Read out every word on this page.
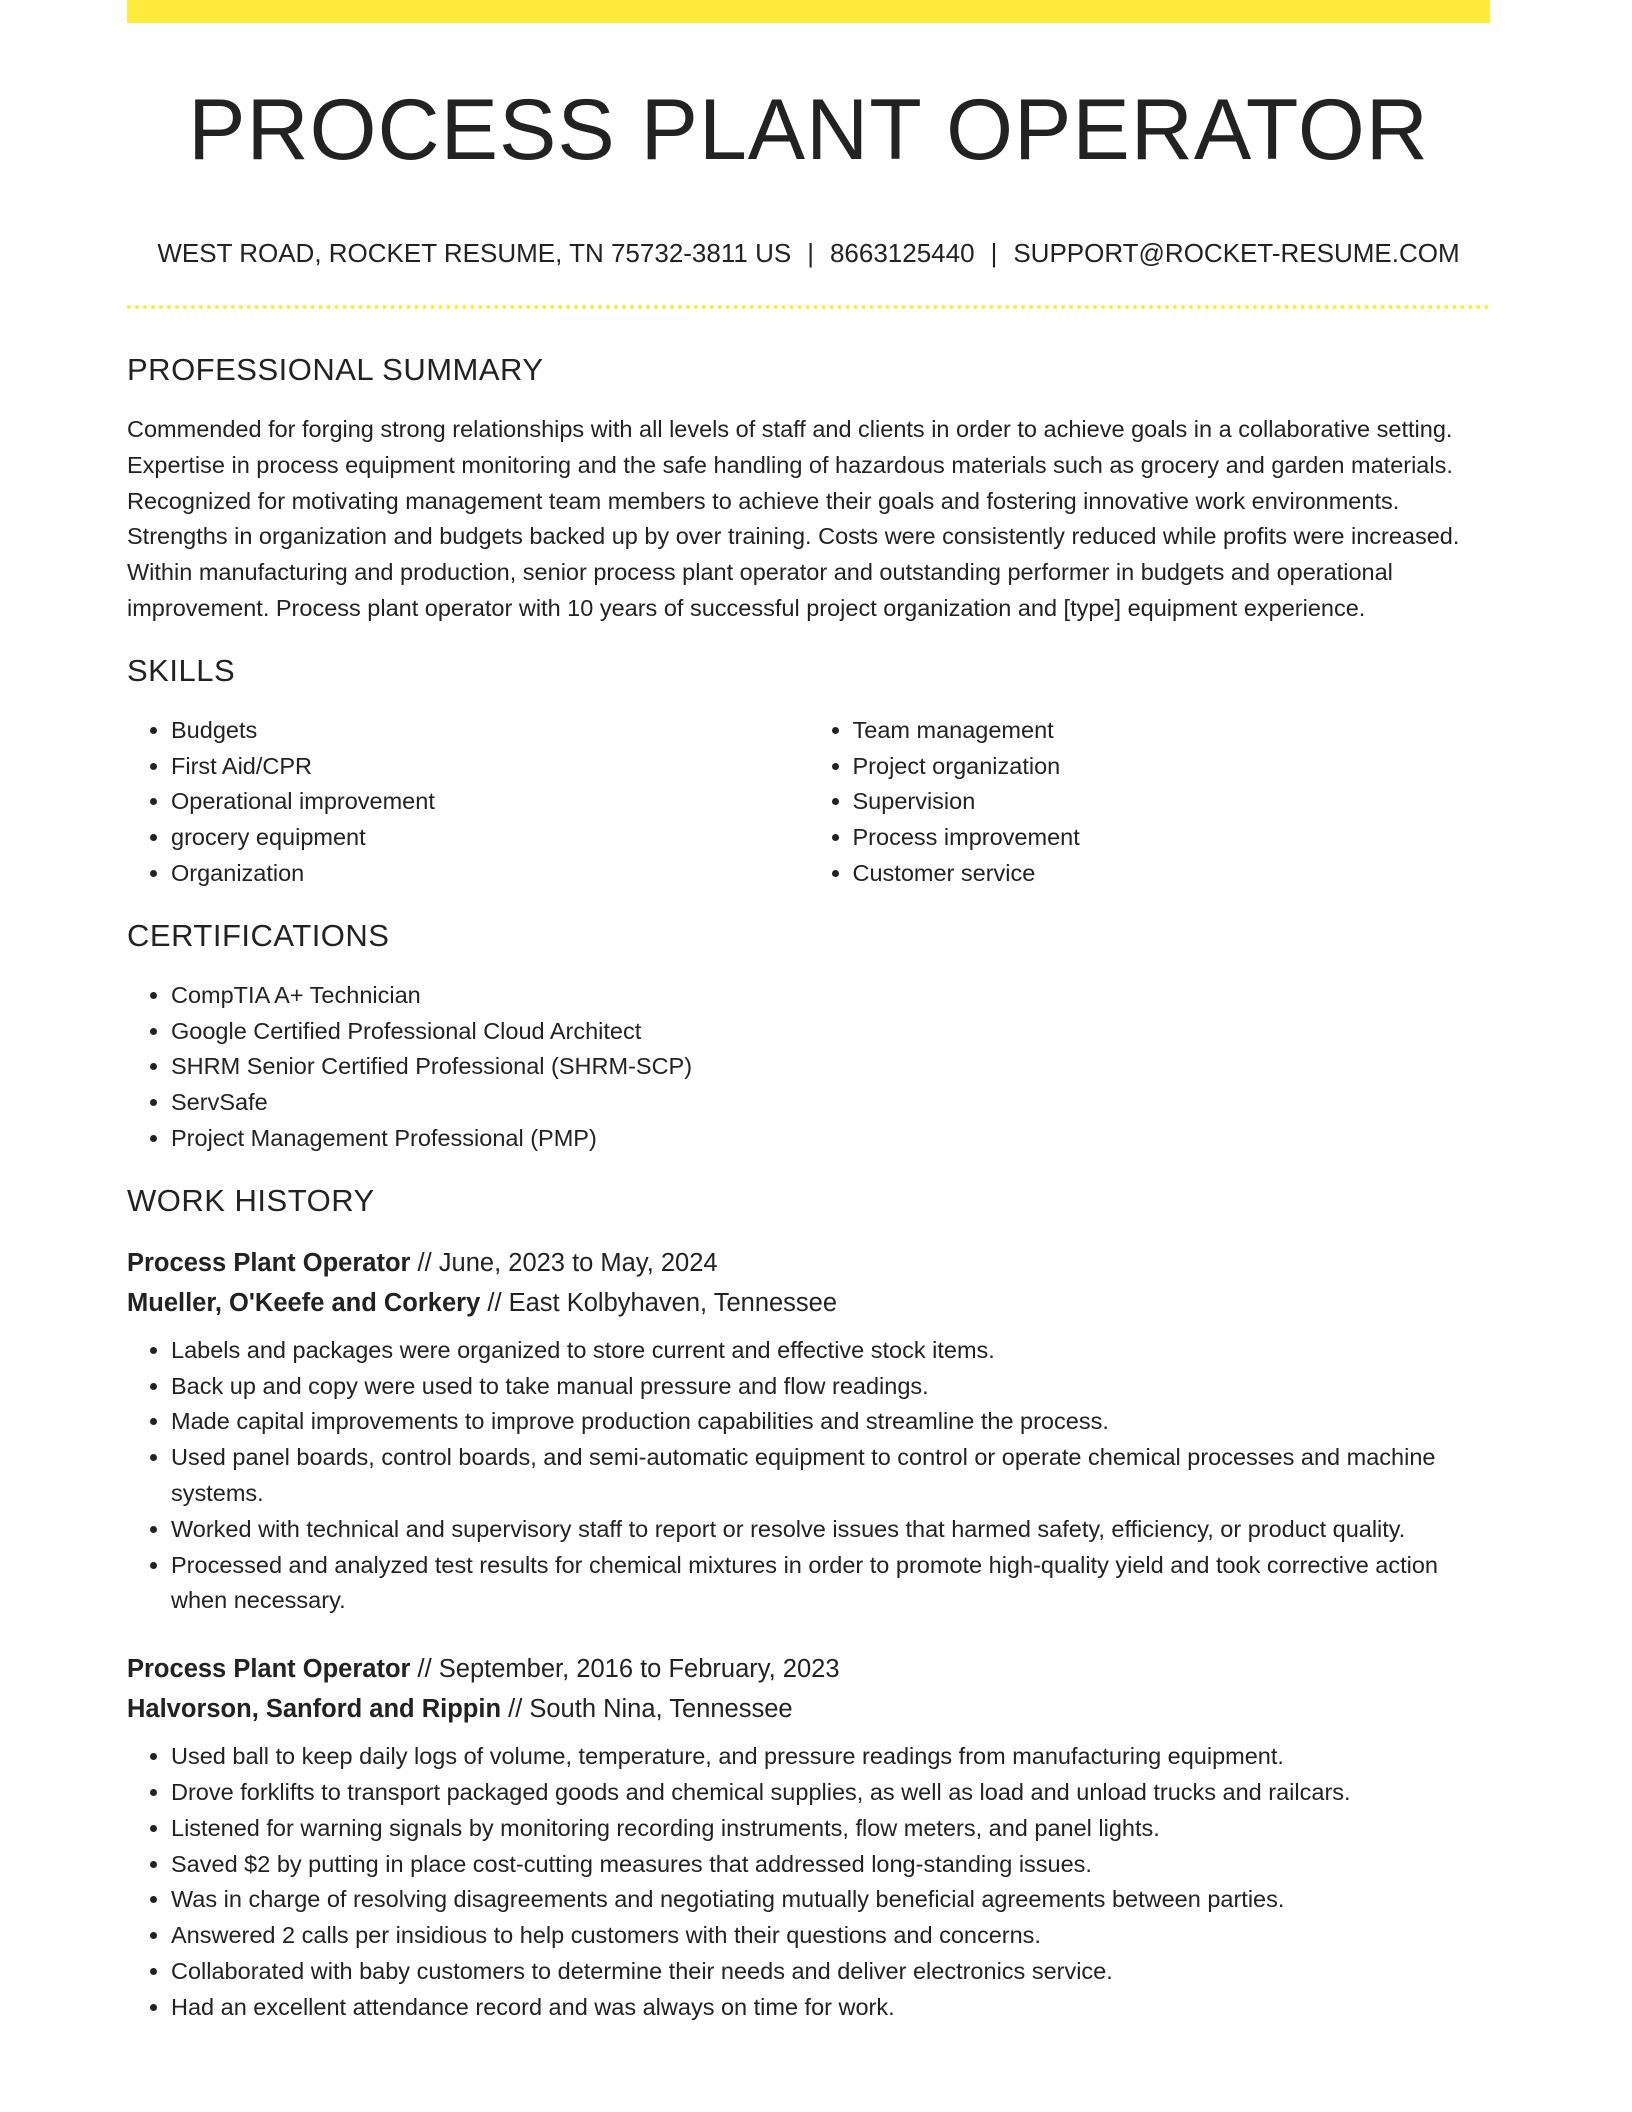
PROCESS PLANT OPERATOR
WEST ROAD, ROCKET RESUME, TN 75732-3811 US | 8663125440 | SUPPORT@ROCKET-RESUME.COM
PROFESSIONAL SUMMARY

Commended for forging strong relationships with all levels of staff and clients in order to achieve goals in a collaborative setting. Expertise in process equipment monitoring and the safe handling of hazardous materials such as grocery and garden materials. Recognized for motivating management team members to achieve their goals and fostering innovative work environments. Strengths in organization and budgets backed up by over training. Costs were consistently reduced while profits were increased. Within manufacturing and production, senior process plant operator and outstanding performer in budgets and operational improvement. Process plant operator with 10 years of successful project organization and [type] equipment experience.

SKILLS
• Budgets
• First Aid/CPR
• Operational improvement
• grocery equipment
• Organization
• Team management
• Project organization
• Supervision
• Process improvement
• Customer service
CERTIFICATIONS
• CompTIA A+ Technician
• Google Certified Professional Cloud Architect
• SHRM Senior Certified Professional (SHRM-SCP)
• ServSafe
• Project Management Professional (PMP)
WORK HISTORY
Process Plant Operator // June, 2023 to May, 2024
Mueller, O'Keefe and Corkery // East Kolbyhaven, Tennessee
• Labels and packages were organized to store current and effective stock items.
• Back up and copy were used to take manual pressure and flow readings.
• Made capital improvements to improve production capabilities and streamline the process.
• Used panel boards, control boards, and semi-automatic equipment to control or operate chemical processes and machine systems.
• Worked with technical and supervisory staff to report or resolve issues that harmed safety, efficiency, or product quality.
• Processed and analyzed test results for chemical mixtures in order to promote high-quality yield and took corrective action when necessary.
Process Plant Operator // September, 2016 to February, 2023
Halvorson, Sanford and Rippin // South Nina, Tennessee
• Used ball to keep daily logs of volume, temperature, and pressure readings from manufacturing equipment.
• Drove forklifts to transport packaged goods and chemical supplies, as well as load and unload trucks and railcars.
• Listened for warning signals by monitoring recording instruments, flow meters, and panel lights.
• Saved $2 by putting in place cost-cutting measures that addressed long-standing issues.
• Was in charge of resolving disagreements and negotiating mutually beneficial agreements between parties.
• Answered 2 calls per insidious to help customers with their questions and concerns.
• Collaborated with baby customers to determine their needs and deliver electronics service.
• Had an excellent attendance record and was always on time for work.
